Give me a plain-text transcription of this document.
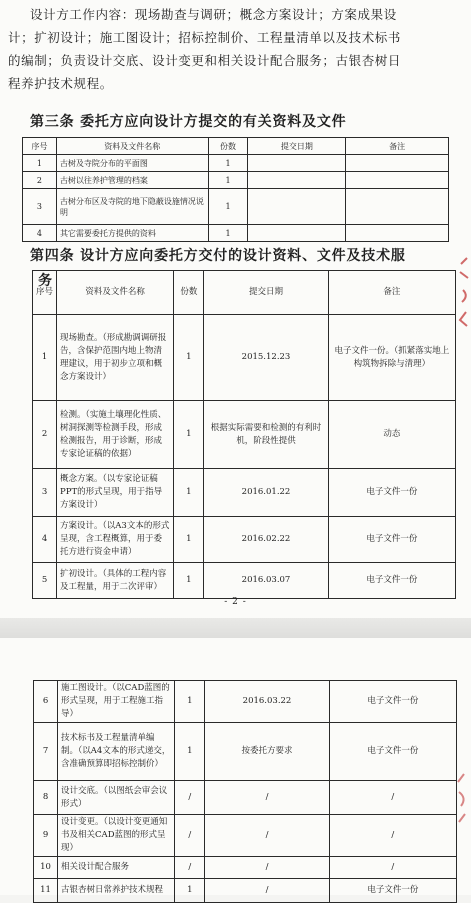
设计方工作内容：现场勘查与调研；概念方案设计；方案成果设
计；扩初设计；施工图设计；招标控制价、工程量清单以及技术标书
的编制；负责设计交底、设计变更和相关设计配合服务；古银杏树日
程养护技术规程。
第三条 委托方应向设计方提交的有关资料及文件
序号	资料及文件名称	份数	提交日期	备注
1	古树及寺院分布的平面图	1		
2	古树以往养护管理的档案	1		
3	古树分布区及寺院的地下隐蔽设施情况说明	1		
4	其它需要委托方提供的资料	1		
第四条 设计方应向委托方交付的设计资料、文件及技术服
务
序号	资料及文件名称	份数	提交日期	备注
1	现场勘查。（形成勘调调研报告，含保护范围内地上物清理建议，用于初步立项和概念方案设计）	1	2015.12.23	电子文件一份。（抓紧落实地上构筑物拆除与清理）
2	检测。（实施土壤理化性质、树洞探测等检测手段，形成检测报告，用于诊断，形成专家论证稿的依据）	1	根据实际需要和检测的有利时机，阶段性提供	动态
3	概念方案。（以专家论证稿PPT的形式呈现，用于指导方案设计）	1	2016.01.22	电子文件一份
4	方案设计。（以A3文本的形式呈现，含工程概算，用于委托方进行资金申请）	1	2016.02.22	电子文件一份
5	扩初设计。（具体的工程内容及工程量，用于二次评审）	1	2016.03.07	电子文件一份
- 2 -
6	施工图设计。（以CAD蓝图的形式呈现，用于工程施工指导）	1	2016.03.22	电子文件一份
7	技术标书及工程量清单编制。（以A4文本的形式递交，含准确预算即招标控制价）	1	按委托方要求	电子文件一份
8	设计交底。（以图纸会审会议形式）	/	/	/
9	设计变更。（以设计变更通知书及相关CAD蓝图的形式呈现）	/	/	/
10	相关设计配合服务	/	/	/
11	古银杏树日常养护技术规程	1	/	电子文件一份
